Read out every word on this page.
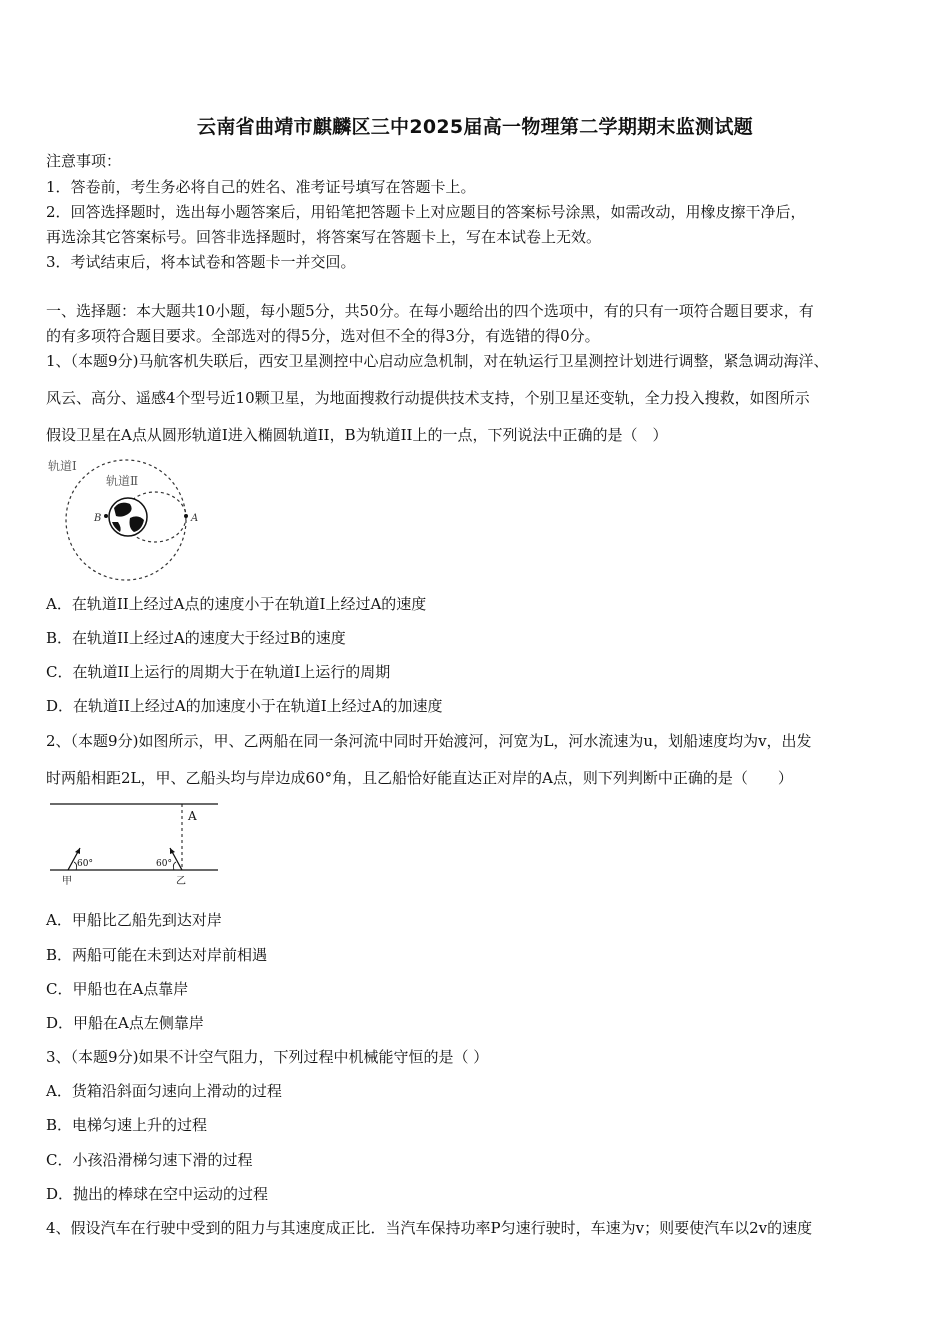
云南省曲靖市麒麟区三中2025届高一物理第二学期期末监测试题
注意事项：
1．答卷前，考生务必将自己的姓名、准考证号填写在答题卡上。
2．回答选择题时，选出每小题答案后，用铅笔把答题卡上对应题目的答案标号涂黑，如需改动，用橡皮擦干净后，
再选涂其它答案标号。回答非选择题时，将答案写在答题卡上，写在本试卷上无效。
3．考试结束后，将本试卷和答题卡一并交回。
一、选择题：本大题共10小题，每小题5分，共50分。在每小题给出的四个选项中，有的只有一项符合题目要求，有
的有多项符合题目要求。全部选对的得5分，选对但不全的得3分，有选错的得0分。
1、（本题9分)马航客机失联后，西安卫星测控中心启动应急机制，对在轨运行卫星测控计划进行调整，紧急调动海洋、
风云、高分、遥感4个型号近10颗卫星，为地面搜救行动提供技术支持，个别卫星还变轨，全力投入搜救，如图所示
假设卫星在A点从圆形轨道I进入椭圆轨道II，B为轨道II上的一点，下列说法中正确的是（　）
轨道Ⅰ
轨道Ⅱ
B	A
A．在轨道II上经过A点的速度小于在轨道I上经过A的速度
B．在轨道II上经过A的速度大于经过B的速度
C．在轨道II上运行的周期大于在轨道I上运行的周期
D．在轨道II上经过A的加速度小于在轨道I上经过A的加速度
2、（本题9分)如图所示，甲、乙两船在同一条河流中同时开始渡河，河宽为L，河水流速为u，划船速度均为v，出发
时两船相距2L，甲、乙船头均与岸边成60°角，且乙船恰好能直达正对岸的A点，则下列判断中正确的是（　　）
A
60°	60°
甲	乙
A．甲船比乙船先到达对岸
B．两船可能在未到达对岸前相遇
C．甲船也在A点靠岸
D．甲船在A点左侧靠岸
3、（本题9分)如果不计空气阻力，下列过程中机械能守恒的是（ ）
A．货箱沿斜面匀速向上滑动的过程
B．电梯匀速上升的过程
C．小孩沿滑梯匀速下滑的过程
D．抛出的棒球在空中运动的过程
4、假设汽车在行驶中受到的阻力与其速度成正比．当汽车保持功率P匀速行驶时，车速为v；则要使汽车以2v的速度
